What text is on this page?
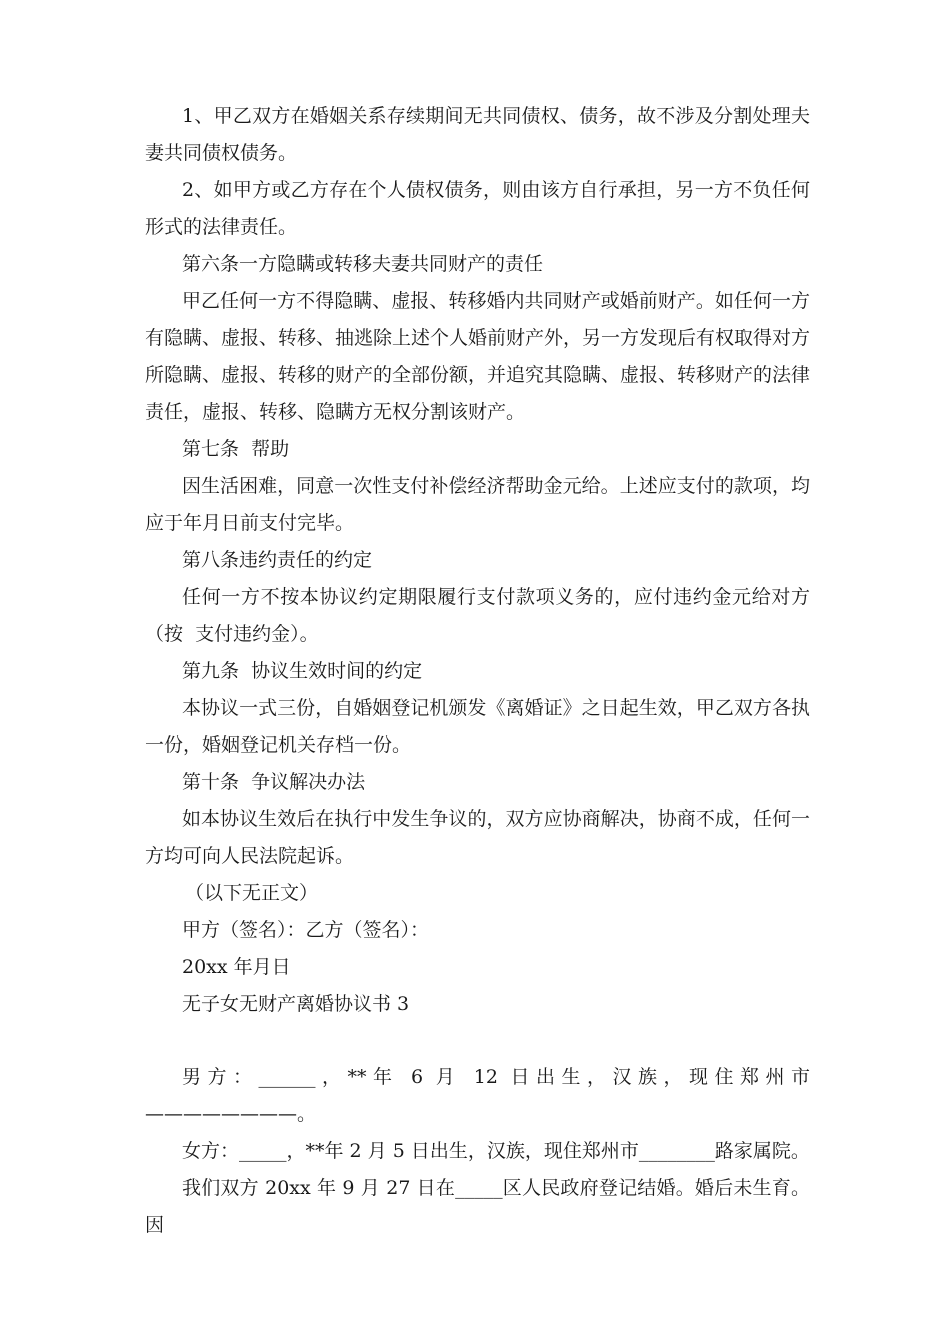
1、甲乙双方在婚姻关系存续期间无共同债权、债务，故不涉及分割处理夫妻共同债权债务。

2、如甲方或乙方存在个人债权债务，则由该方自行承担，另一方不负任何形式的法律责任。

第六条一方隐瞒或转移夫妻共同财产的责任

甲乙任何一方不得隐瞒、虚报、转移婚内共同财产或婚前财产。如任何一方有隐瞒、虚报、转移、抽逃除上述个人婚前财产外，另一方发现后有权取得对方所隐瞒、虚报、转移的财产的全部份额，并追究其隐瞒、虚报、转移财产的法律责任，虚报、转移、隐瞒方无权分割该财产。

第七条  帮助

因生活困难，同意一次性支付补偿经济帮助金元给。上述应支付的款项，均应于年月日前支付完毕。

第八条违约责任的约定

任何一方不按本协议约定期限履行支付款项义务的，应付违约金元给对方（按  支付违约金）。

第九条  协议生效时间的约定

本协议一式三份，自婚姻登记机颁发《离婚证》之日起生效，甲乙双方各执一份，婚姻登记机关存档一份。

第十条  争议解决办法

如本协议生效后在执行中发生争议的，双方应协商解决，协商不成，任何一方均可向人民法院起诉。

（以下无正文）

甲方（签名）：乙方（签名）：

20xx 年月日

无子女无财产离婚协议书 3

男方：______，**年 6 月 12 日出生，汉族，现住郑州市————————。

女方：_____，**年 2 月 5 日出生，汉族，现住郑州市________路家属院。

我们双方 20xx 年 9 月 27 日在_____区人民政府登记结婚。婚后未生育。因
